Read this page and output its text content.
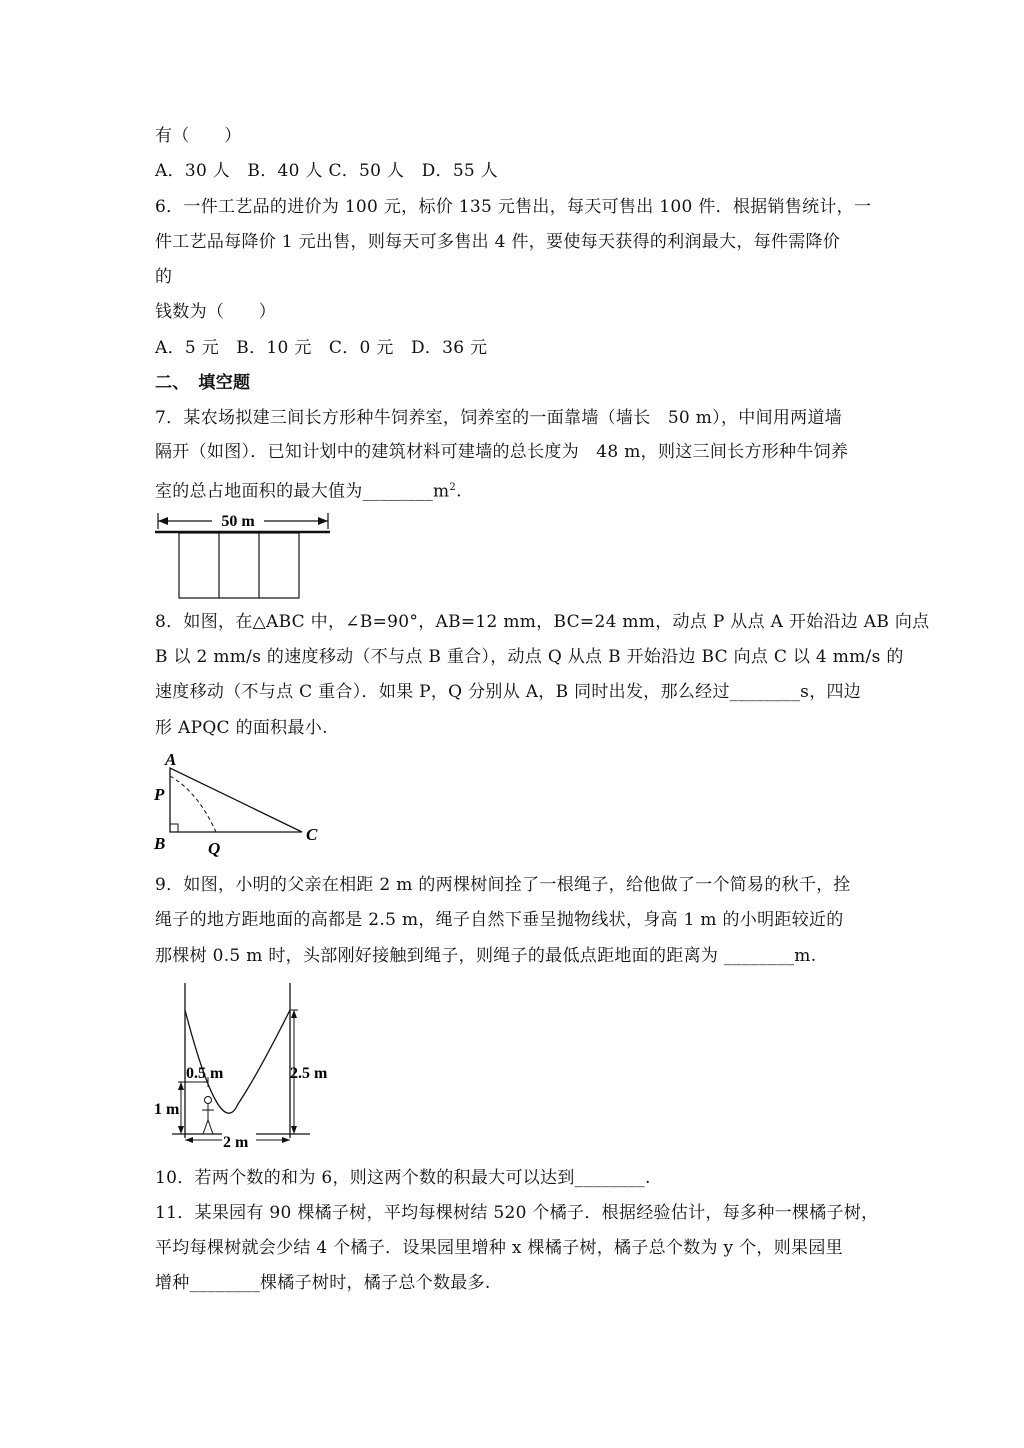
有（　　）
A．30 人　B．40 人 C．50 人　D．55 人
6．一件工艺品的进价为 100 元，标价 135 元售出，每天可售出 100 件．根据销售统计，一
件工艺品每降价 1 元出售，则每天可多售出 4 件，要使每天获得的利润最大，每件需降价
的
钱数为（　　）
A．5 元　B．10 元　C．0 元　D．36 元
二、　填空题
7．某农场拟建三间长方形种牛饲养室，饲养室的一面靠墙（墙长　50 m），中间用两道墙
隔开（如图）．已知计划中的建筑材料可建墙的总长度为　48 m，则这三间长方形种牛饲养
室的总占地面积的最大值为$\_\_\_\_\_\_\_\_m^2$.
50 m
8．如图，在△ABC 中，∠B=90°，AB=12 mm，BC=24 mm，动点 P 从点 A 开始沿边 AB 向点
B 以 2 mm/s 的速度移动（不与点 B 重合），动点 Q 从点 B 开始沿边 BC 向点 C 以 4 mm/s 的
速度移动（不与点 C 重合）．如果 P，Q 分别从 A，B 同时出发，那么经过________s，四边
形 APQC 的面积最小.
A
P
B	Q
C
9．如图，小明的父亲在相距 2 m 的两棵树间拴了一根绳子，给他做了一个简易的秋千，拴
绳子的地方距地面的高都是 2.5 m，绳子自然下垂呈抛物线状，身高 1 m 的小明距较近的
那棵树 0.5 m 时，头部刚好接触到绳子，则绳子的最低点距地面的距离为 ________m.
2.5 m
0.5 m
1 m
2 m
10．若两个数的和为 6，则这两个数的积最大可以达到________.
11．某果园有 90 棵橘子树，平均每棵树结 520 个橘子．根据经验估计，每多种一棵橘子树，
平均每棵树就会少结 4 个橘子．设果园里增种 x 棵橘子树，橘子总个数为 y 个，则果园里
增种________棵橘子树时，橘子总个数最多.
